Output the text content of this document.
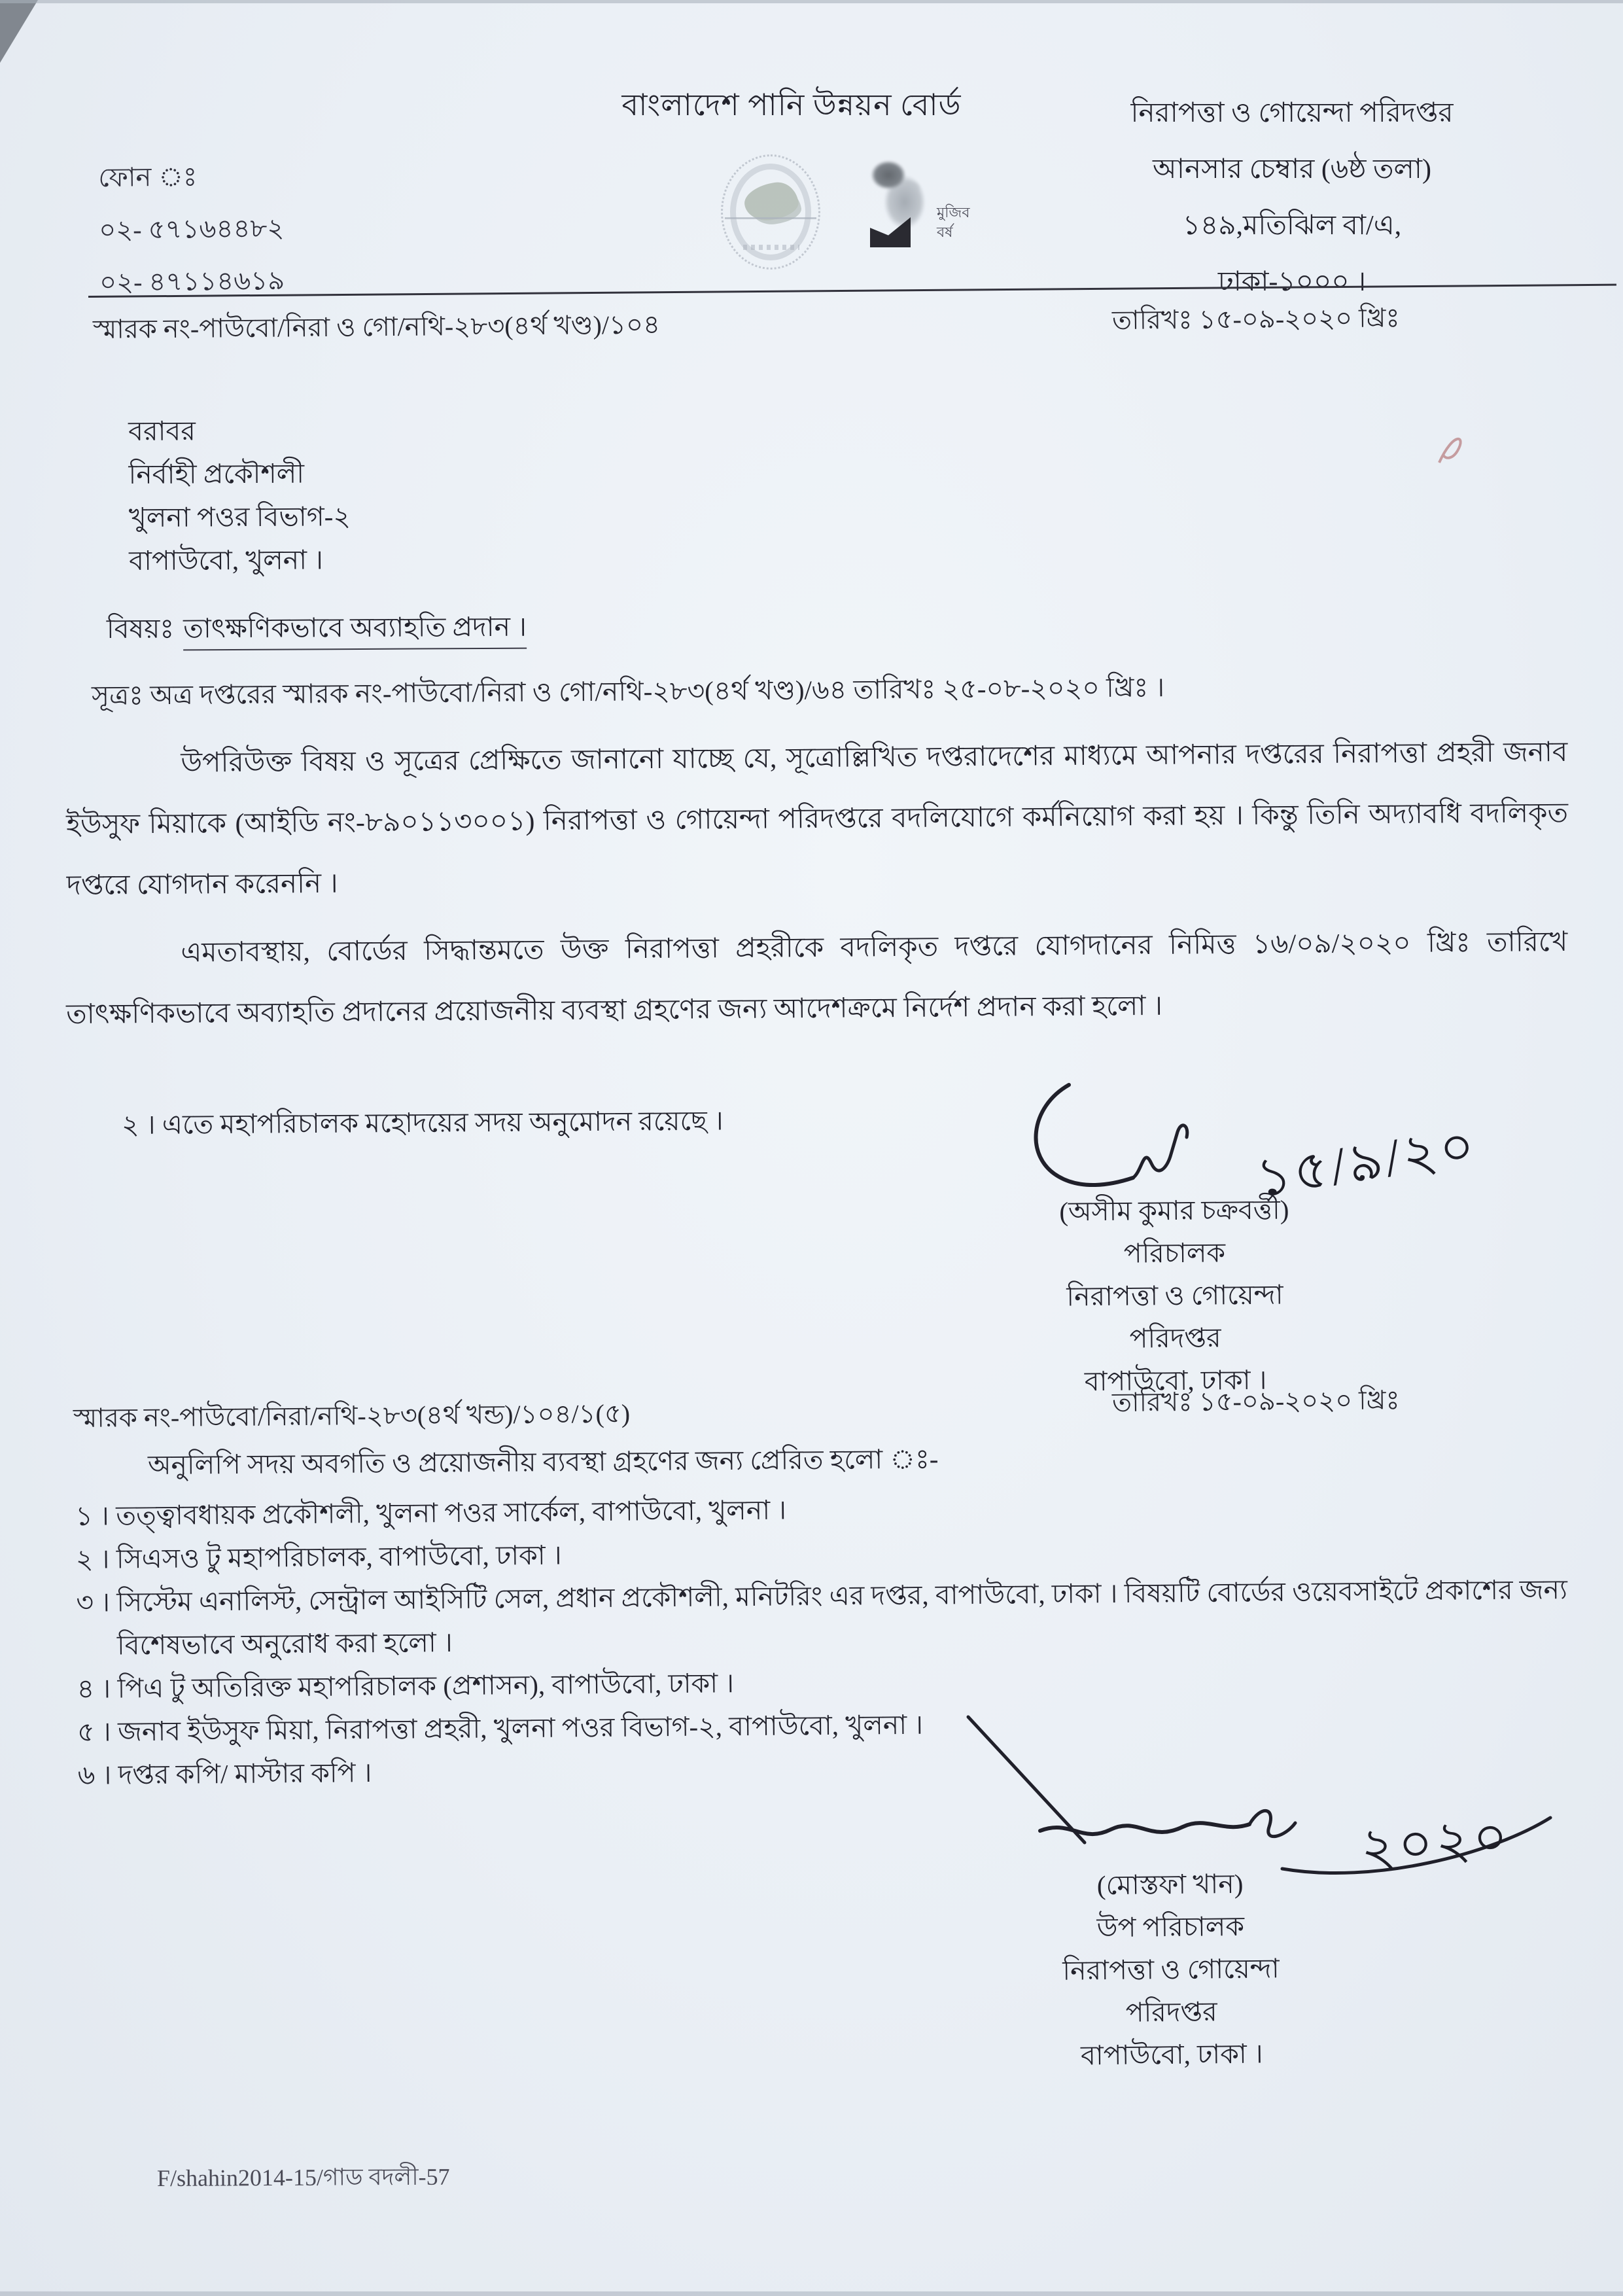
বাংলাদেশ পানি উন্নয়ন বোর্ড
ফোন ঃ
০২- ৫৭১৬৪৪৮২
০২- ৪৭১১৪৬১৯
নিরাপত্তা ও গোয়েন্দা পরিদপ্তর
আনসার চেম্বার (৬ষ্ঠ তলা)
১৪৯,মতিঝিল বা/এ,
ঢাকা-১০০০ ।
মুজিব বর্ষ
স্মারক নং-পাউবো/নিরা ও গো/নথি-২৮৩(৪র্থ খণ্ড)/১০৪	তারিখঃ ১৫-০৯-২০২০ খ্রিঃ
বরাবর
নির্বাহী প্রকৌশলী
খুলনা পওর বিভাগ-২
বাপাউবো, খুলনা ।
বিষয়ঃ তাৎক্ষণিকভাবে অব্যাহতি প্রদান ।
সূত্রঃ অত্র দপ্তরের স্মারক নং-পাউবো/নিরা ও গো/নথি-২৮৩(৪র্থ খণ্ড)/৬৪ তারিখঃ ২৫-০৮-২০২০ খ্রিঃ ।

উপরিউক্ত বিষয় ও সূত্রের প্রেক্ষিতে জানানো যাচ্ছে যে, সূত্রোল্লিখিত দপ্তরাদেশের মাধ্যমে আপনার দপ্তরের নিরাপত্তা প্রহরী জনাব ইউসুফ মিয়াকে (আইডি নং-৮৯০১১৩০০১) নিরাপত্তা ও গোয়েন্দা পরিদপ্তরে বদলিযোগে কর্মনিয়োগ করা হয় । কিন্তু তিনি অদ্যাবধি বদলিকৃত দপ্তরে যোগদান করেননি ।

এমতাবস্থায়, বোর্ডের সিদ্ধান্তমতে উক্ত নিরাপত্তা প্রহরীকে বদলিকৃত দপ্তরে যোগদানের নিমিত্ত ১৬/০৯/২০২০ খ্রিঃ তারিখে তাৎক্ষণিকভাবে অব্যাহতি প্রদানের প্রয়োজনীয় ব্যবস্থা গ্রহণের জন্য আদেশক্রমে নির্দেশ প্রদান করা হলো ।

২ । এতে মহাপরিচালক মহোদয়ের সদয় অনুমোদন রয়েছে ।	১৫/৯/২০
(অসীম কুমার চক্রবর্ত্তী)
পরিচালক
নিরাপত্তা ও গোয়েন্দা পরিদপ্তর
বাপাউবো, ঢাকা ।
স্মারক নং-পাউবো/নিরা/নথি-২৮৩(৪র্থ খন্ড)/১০৪/১(৫)	তারিখঃ ১৫-০৯-২০২০ খ্রিঃ
অনুলিপি সদয় অবগতি ও প্রয়োজনীয় ব্যবস্থা গ্রহণের জন্য প্রেরিত হলো ঃ-
১ । তত্ত্বাবধায়ক প্রকৌশলী, খুলনা পওর সার্কেল, বাপাউবো, খুলনা ।
২ । সিএসও টু মহাপরিচালক, বাপাউবো, ঢাকা ।
৩ । সিস্টেম এনালিস্ট, সেন্ট্রাল আইসিটি সেল, প্রধান প্রকৌশলী, মনিটরিং এর দপ্তর, বাপাউবো, ঢাকা । বিষয়টি বোর্ডের ওয়েবসাইটে প্রকাশের জন্য বিশেষভাবে অনুরোধ করা হলো ।
৪ । পিএ টু অতিরিক্ত মহাপরিচালক (প্রশাসন), বাপাউবো, ঢাকা ।
৫ । জনাব ইউসুফ মিয়া, নিরাপত্তা প্রহরী, খুলনা পওর বিভাগ-২, বাপাউবো, খুলনা ।
৬ । দপ্তর কপি/ মাস্টার কপি ।
২০২০
(মোস্তফা খান)
উপ পরিচালক
নিরাপত্তা ও গোয়েন্দা পরিদপ্তর
বাপাউবো, ঢাকা ।
F/shahin2014-15/গাড বদলী-57
